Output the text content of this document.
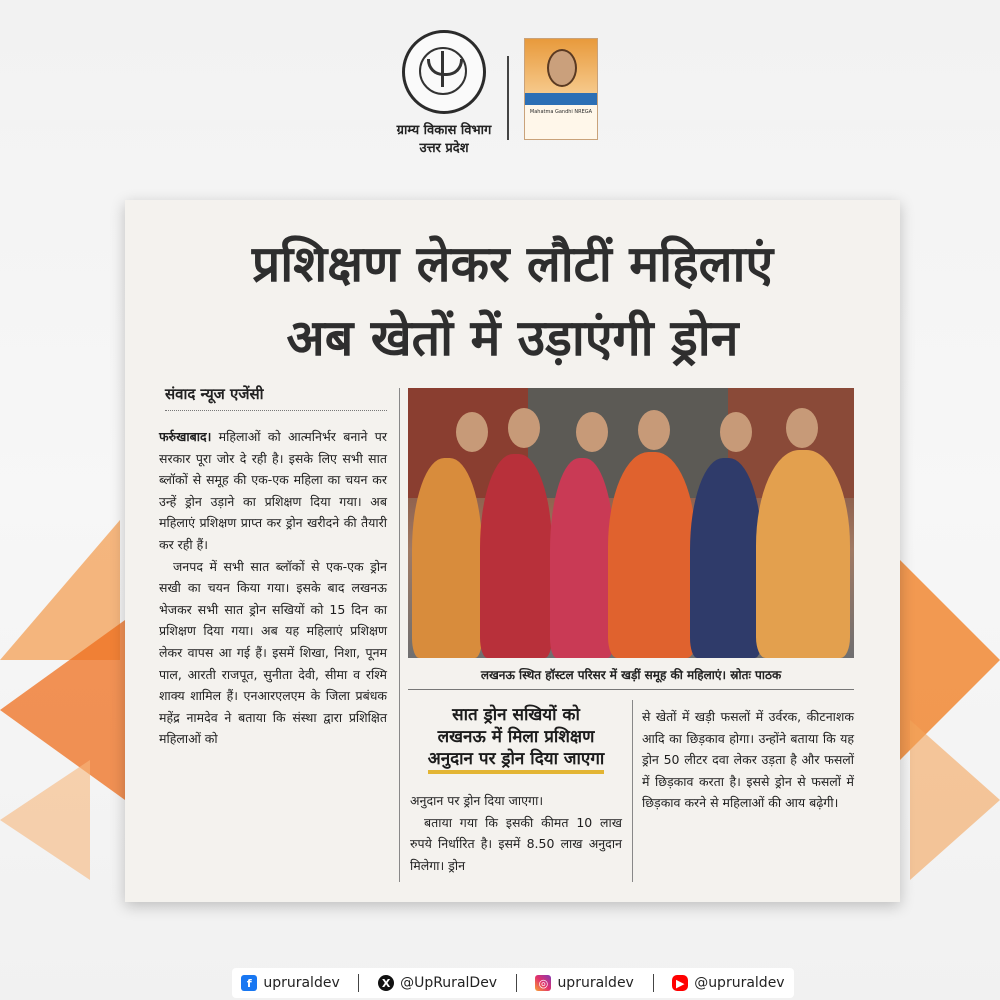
ग्राम्य विकास विभाग
उत्तर प्रदेश
Mahatma Gandhi NREGA
प्रशिक्षण लेकर लौटीं महिलाएं
अब खेतों में उड़ाएंगी ड्रोन
संवाद न्यूज एजेंसी

फर्रुखाबाद। महिलाओं को आत्मनिर्भर बनाने पर सरकार पूरा जोर दे रही है। इसके लिए सभी सात ब्लॉकों से समूह की एक-एक महिला का चयन कर उन्हें ड्रोन उड़ाने का प्रशिक्षण दिया गया। अब महिलाएं प्रशिक्षण प्राप्त कर ड्रोन खरीदने की तैयारी कर रही हैं।

जनपद में सभी सात ब्लॉकों से एक-एक ड्रोन सखी का चयन किया गया। इसके बाद लखनऊ भेजकर सभी सात ड्रोन सखियों को 15 दिन का प्रशिक्षण दिया गया। अब यह महिलाएं प्रशिक्षण लेकर वापस आ गई हैं। इसमें शिखा, निशा, पूनम पाल, आरती राजपूत, सुनीता देवी, सीमा व रश्मि शाक्य शामिल हैं। एनआरएलएम के जिला प्रबंधक महेंद्र नामदेव ने बताया कि संस्था द्वारा प्रशिक्षित महिलाओं को

लखनऊ स्थित हॉस्टल परिसर में खड़ीं समूह की महिलाएं। स्रोतः पाठक
सात ड्रोन सखियों को
लखनऊ में मिला प्रशिक्षण
अनुदान पर ड्रोन दिया जाएगा

अनुदान पर ड्रोन दिया जाएगा।

बताया गया कि इसकी कीमत 10 लाख रुपये निर्धारित है। इसमें 8.50 लाख अनुदान मिलेगा। ड्रोन

से खेतों में खड़ी फसलों में उर्वरक, कीटनाशक आदि का छिड़काव होगा। उन्होंने बताया कि यह ड्रोन 50 लीटर दवा लेकर उड़ता है और फसलों में छिड़काव करता है। इससे ड्रोन से फसलों में छिड़काव करने से महिलाओं की आय बढ़ेगी।

f upruraldev	X @UpRuralDev	◎ upruraldev	▶ @upruraldev
